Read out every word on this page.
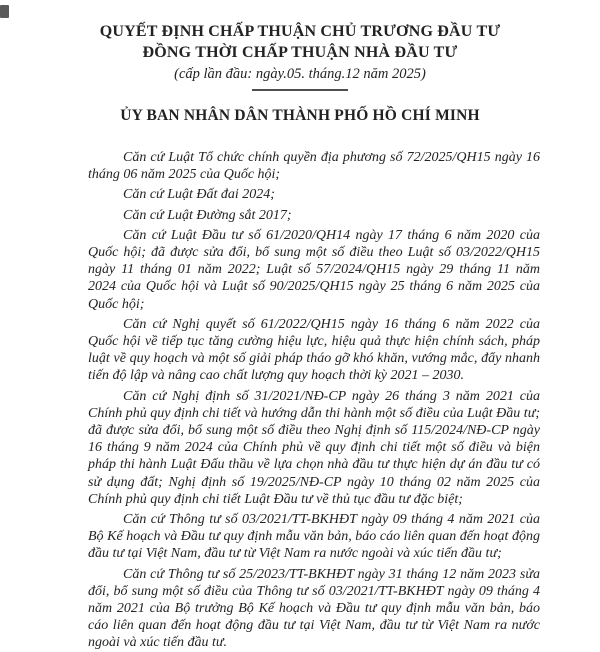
QUYẾT ĐỊNH CHẤP THUẬN CHỦ TRƯƠNG ĐẦU TƯ
ĐỒNG THỜI CHẤP THUẬN NHÀ ĐẦU TƯ
(cấp lần đầu: ngày.05. tháng.12 năm 2025)
ỦY BAN NHÂN DÂN THÀNH PHỐ HỒ CHÍ MINH

Căn cứ Luật Tổ chức chính quyền địa phương số 72/2025/QH15 ngày 16 tháng 06 năm 2025 của Quốc hội;

Căn cứ Luật Đất đai 2024;

Căn cứ Luật Đường sắt 2017;

Căn cứ Luật Đầu tư số 61/2020/QH14 ngày 17 tháng 6 năm 2020 của Quốc hội; đã được sửa đổi, bổ sung một số điều theo Luật số 03/2022/QH15 ngày 11 tháng 01 năm 2022; Luật số 57/2024/QH15 ngày 29 tháng 11 năm 2024 của Quốc hội và Luật số 90/2025/QH15 ngày 25 tháng 6 năm 2025 của Quốc hội;

Căn cứ Nghị quyết số 61/2022/QH15 ngày 16 tháng 6 năm 2022 của Quốc hội về tiếp tục tăng cường hiệu lực, hiệu quả thực hiện chính sách, pháp luật về quy hoạch và một số giải pháp tháo gỡ khó khăn, vướng mắc, đẩy nhanh tiến độ lập và nâng cao chất lượng quy hoạch thời kỳ 2021 – 2030.

Căn cứ Nghị định số 31/2021/NĐ-CP ngày 26 tháng 3 năm 2021 của Chính phủ quy định chi tiết và hướng dẫn thi hành một số điều của Luật Đầu tư; đã được sửa đổi, bổ sung một số điều theo Nghị định số 115/2024/NĐ-CP ngày 16 tháng 9 năm 2024 của Chính phủ về quy định chi tiết một số điều và biện pháp thi hành Luật Đấu thầu về lựa chọn nhà đầu tư thực hiện dự án đầu tư có sử dụng đất; Nghị định số 19/2025/NĐ-CP ngày 10 tháng 02 năm 2025 của Chính phủ quy định chi tiết Luật Đầu tư về thủ tục đầu tư đặc biệt;

Căn cứ Thông tư số 03/2021/TT-BKHĐT ngày 09 tháng 4 năm 2021 của Bộ Kế hoạch và Đầu tư quy định mẫu văn bản, báo cáo liên quan đến hoạt động đầu tư tại Việt Nam, đầu tư từ Việt Nam ra nước ngoài và xúc tiến đầu tư;

Căn cứ Thông tư số 25/2023/TT-BKHĐT ngày 31 tháng 12 năm 2023 sửa đổi, bổ sung một số điều của Thông tư số 03/2021/TT-BKHĐT ngày 09 tháng 4 năm 2021 của Bộ trưởng Bộ Kế hoạch và Đầu tư quy định mẫu văn bản, báo cáo liên quan đến hoạt động đầu tư tại Việt Nam, đầu tư từ Việt Nam ra nước ngoài và xúc tiến đầu tư.
